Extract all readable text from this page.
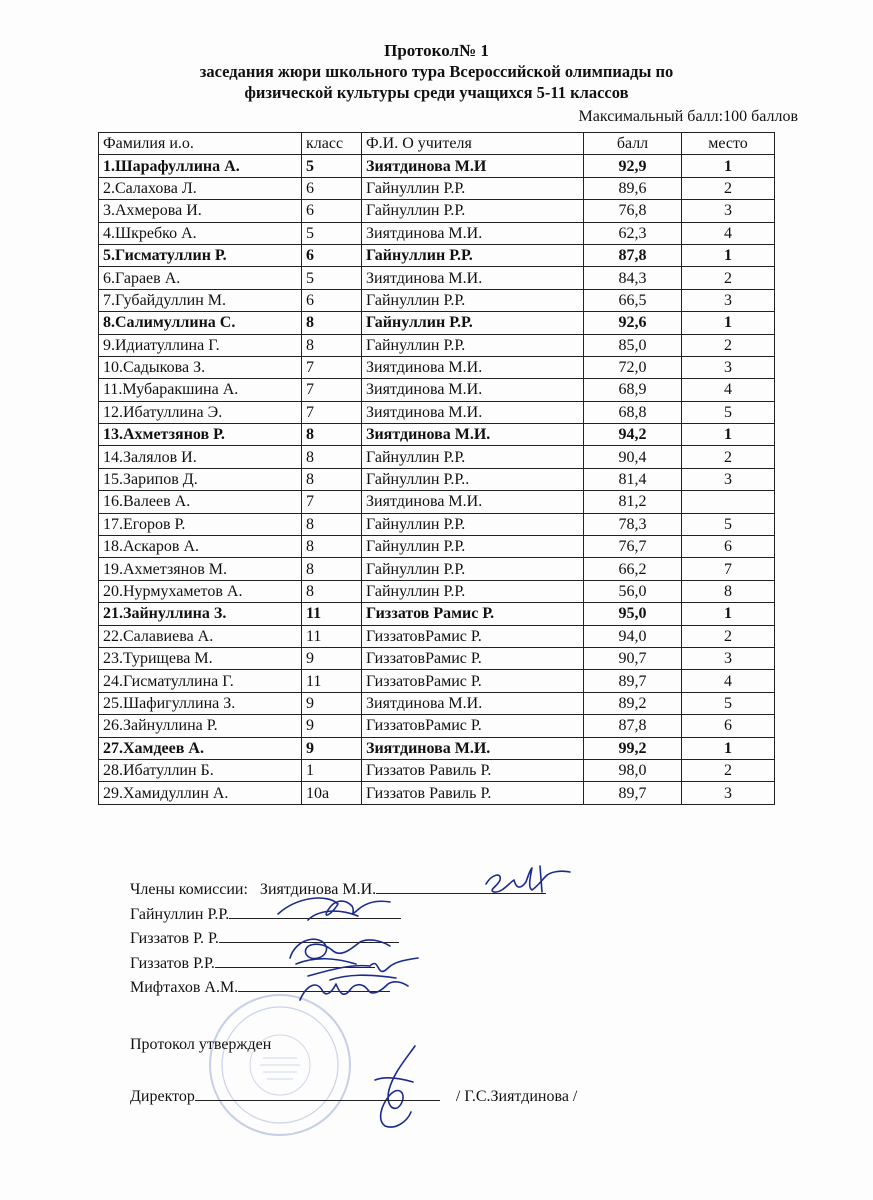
Протокол№ 1
заседания жюри школьного тура Всероссийской олимпиады по
физической культуры среди учащихся 5-11 классов
Максимальный балл:100 баллов
Фамилия и.о.	класс	Ф.И. О учителя	балл	место
1.Шарафуллина А.	5	Зиятдинова М.И	92,9	1
2.Салахова Л.	6	Гайнуллин Р.Р.	89,6	2
3.Ахмерова И.	6	Гайнуллин Р.Р.	76,8	3
4.Шкребко А.	5	Зиятдинова М.И.	62,3	4
5.Гисматуллин Р.	6	Гайнуллин Р.Р.	87,8	1
6.Гараев А.	5	Зиятдинова М.И.	84,3	2
7.Губайдуллин М.	6	Гайнуллин Р.Р.	66,5	3
8.Салимуллина С.	8	Гайнуллин Р.Р.	92,6	1
9.Идиатуллина Г.	8	Гайнуллин Р.Р.	85,0	2
10.Садыкова З.	7	Зиятдинова М.И.	72,0	3
11.Мубаракшина А.	7	Зиятдинова М.И.	68,9	4
12.Ибатуллина Э.	7	Зиятдинова М.И.	68,8	5
13.Ахметзянов Р.	8	Зиятдинова М.И.	94,2	1
14.Залялов И.	8	Гайнуллин Р.Р.	90,4	2
15.Зарипов Д.	8	Гайнуллин Р.Р..	81,4	3
16.Валеев А.	7	Зиятдинова М.И.	81,2	
17.Егоров Р.	8	Гайнуллин Р.Р.	78,3	5
18.Аскаров А.	8	Гайнуллин Р.Р.	76,7	6
19.Ахметзянов М.	8	Гайнуллин Р.Р.	66,2	7
20.Нурмухаметов А.	8	Гайнуллин Р.Р.	56,0	8
21.Зайнуллина З.	11	Гиззатов Рамис Р.	95,0	1
22.Салавиева А.	11	ГиззатовРамис Р.	94,0	2
23.Турищева М.	9	ГиззатовРамис Р.	90,7	3
24.Гисматуллина Г.	11	ГиззатовРамис Р.	89,7	4
25.Шафигуллина З.	9	Зиятдинова М.И.	89,2	5
26.Зайнуллина Р.	9	ГиззатовРамис Р.	87,8	6
27.Хамдеев А.	9	Зиятдинова М.И.	99,2	1
28.Ибатуллин Б.	1	Гиззатов Равиль Р.	98,0	2
29.Хамидуллин А.	10а	Гиззатов Равиль Р.	89,7	3
Члены комиссии: Зиятдинова М.И.
Гайнуллин Р.Р.
Гиззатов Р. Р.
Гиззатов Р.Р.
Мифтахов А.М.
Протокол утвержден
Директор	/ Г.С.Зиятдинова /
